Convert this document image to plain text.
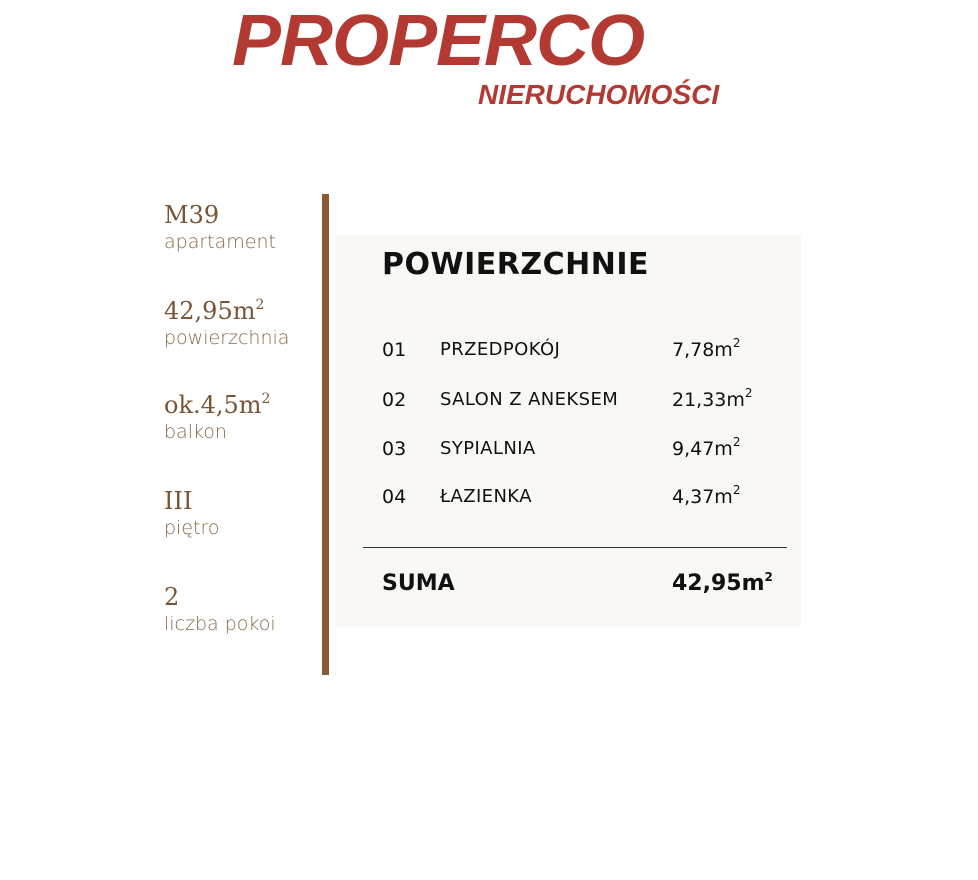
PROPERCO
NIERUCHOMOŚCI
M39
apartament
$42,95m^2$
powierzchnia
$ok.4,5m^2$
balkon
III
piętro
2
liczba pokoi
POWIERZCHNIE
01 PRZEDPOKÓJ	$7,78m^2$
02 SALON Z ANEKSEM	$21,33m^2$
03 SYPIALNIA	$9,47m^2$
04 ŁAZIENKA	$4,37m^2$
SUMA	$42,95m^2$
